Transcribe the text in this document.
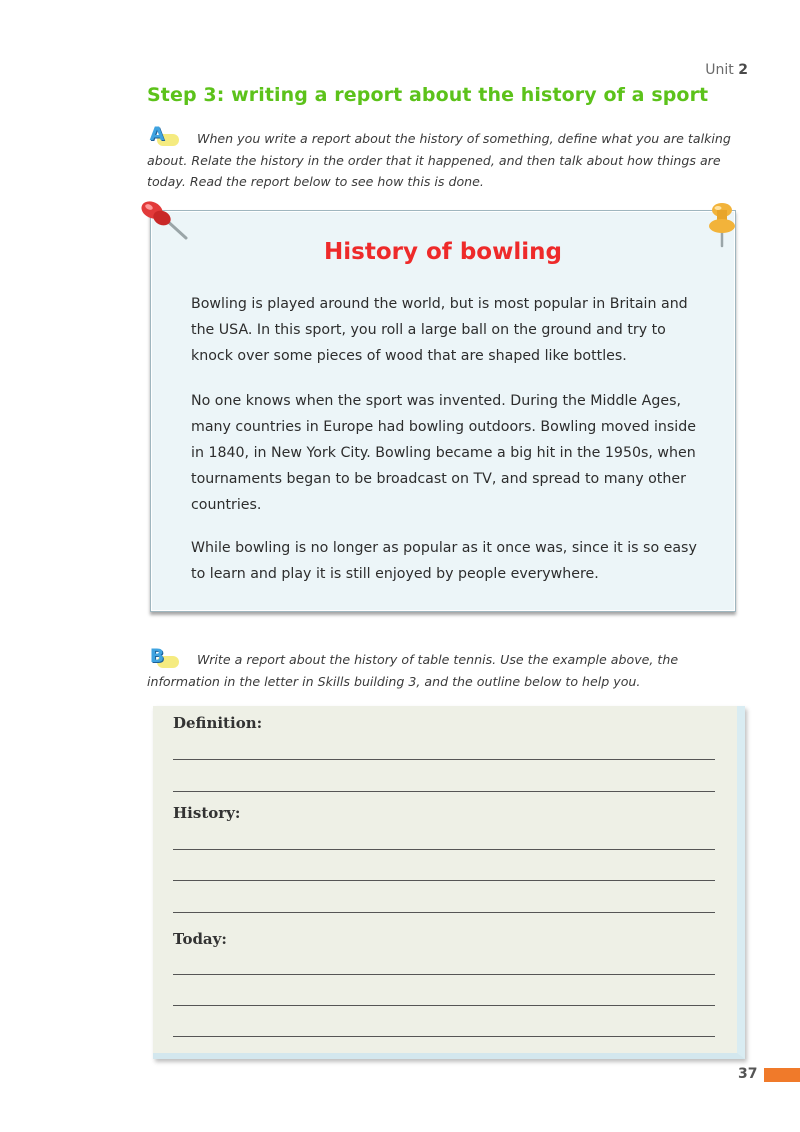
Unit 2
Step 3: writing a report about the history of a sport
A	When you write a report about the history of something, define what you are talking about. Relate the history in the order that it happened, and then talk about how things are today. Read the report below to see how this is done.

History of bowling

Bowling is played around the world, but is most popular in Britain and the USA. In this sport, you roll a large ball on the ground and try to knock over some pieces of wood that are shaped like bottles.

No one knows when the sport was invented. During the Middle Ages, many countries in Europe had bowling outdoors. Bowling moved inside in 1840, in New York City. Bowling became a big hit in the 1950s, when tournaments began to be broadcast on TV, and spread to many other countries.

While bowling is no longer as popular as it once was, since it is so easy to learn and play it is still enjoyed by people everywhere.

B	Write a report about the history of table tennis. Use the example above, the information in the letter in Skills building 3, and the outline below to help you.

Definition:
History:
Today:
37
